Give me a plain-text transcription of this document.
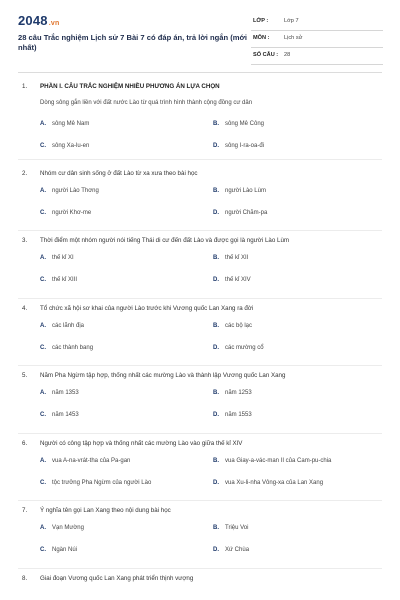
2048.vn
28 câu Trắc nghiệm Lịch sử 7 Bài 7 có đáp án, trả lời ngắn (mới nhất)
LỚP :	Lớp 7
MÔN :	Lịch sử
SỐ CÂU : 28
1. PHẦN I. CÂU TRẮC NGHIỆM NHIỀU PHƯƠNG ÁN LỰA CHỌN
Dòng sông gắn liền với đất nước Lào từ quá trình hình thành cộng đồng cư dân
A. sông Mê Nam	B. sông Mê Công
C. sông Xa-lu-en	D. sông I-ra-oa-đi
2. Nhóm cư dân sinh sống ở đất Lào từ xa xưa theo bài học
A. người Lào Thơng	B. người Lào Lùm
C. người Khơ-me	D. người Chăm-pa
3. Thời điểm một nhóm người nói tiếng Thái di cư đến đất Lào và được gọi là người Lào Lùm
A. thế kỉ XI	B. thế kỉ XII
C. thế kỉ XIII	D. thế kỉ XIV
4. Tổ chức xã hội sơ khai của người Lào trước khi Vương quốc Lan Xang ra đời
A. các lãnh địa	B. các bộ lạc
C. các thành bang	D. các mường cổ
5. Năm Pha Ngừm tập hợp, thống nhất các mường Lào và thành lập Vương quốc Lan Xang
A. năm 1353	B. năm 1253
C. năm 1453	D. năm 1553
6. Người có công tập hợp và thống nhất các mường Lào vào giữa thế kỉ XIV
A. vua A-na-vrát-tha của Pa-gan	B. vua Giay-a-vác-man II của Cam-pu-chia
C. tộc trưởng Pha Ngừm của người Lào	D. vua Xu-li-nha Vông-xa của Lan Xang
7. Ý nghĩa tên gọi Lan Xang theo nội dung bài học
A. Vạn Mường	B. Triệu Voi
C. Ngàn Núi	D. Xứ Chùa
8. Giai đoạn Vương quốc Lan Xang phát triển thịnh vượng
